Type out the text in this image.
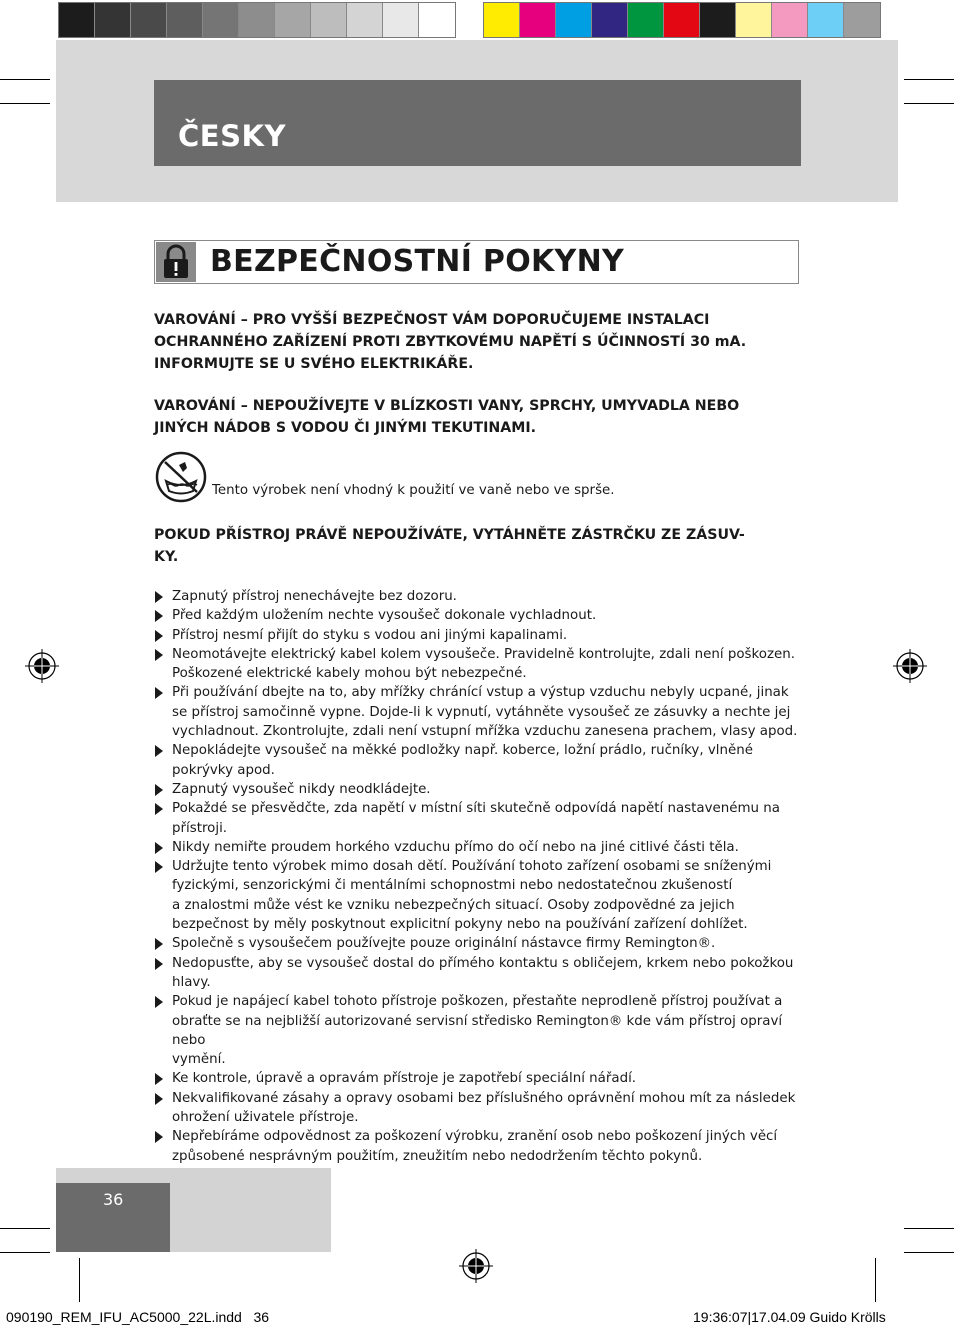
ČESKY
BEZPEČNOSTNÍ POKYNY
VAROVÁNÍ – PRO VYŠŠÍ BEZPEČNOST VÁM DOPORUČUJEME INSTALACI
OCHRANNÉHO ZAŘÍZENÍ PROTI ZBYTKOVÉMU NAPĚTÍ S ÚČINNOSTÍ 30 mA.
INFORMUJTE SE U SVÉHO ELEKTRIKÁŘE.
VAROVÁNÍ – NEPOUŽÍVEJTE V BLÍZKOSTI VANY, SPRCHY, UMYVADLA NEBO
JINÝCH NÁDOB S VODOU ČI JINÝMI TEKUTINAMI.
Tento výrobek není vhodný k použití ve vaně nebo ve sprše.
POKUD PŘÍSTROJ PRÁVĚ NEPOUŽÍVÁTE, VYTÁHNĚTE ZÁSTRČKU ZE ZÁSUV-
KY.
Zapnutý přístroj nenechávejte bez dozoru.
Před každým uložením nechte vysoušeč dokonale vychladnout.
Přístroj nesmí přijít do styku s vodou ani jinými kapalinami.
Neomotávejte elektrický kabel kolem vysoušeče. Pravidelně kontrolujte, zdali není poškozen.
Poškozené elektrické kabely mohou být nebezpečné.
Při používání dbejte na to, aby mřížky chránící vstup a výstup vzduchu nebyly ucpané, jinak
se přístroj samočinně vypne. Dojde-li k vypnutí, vytáhněte vysoušeč ze zásuvky a nechte jej
vychladnout. Zkontrolujte, zdali není vstupní mřížka vzduchu zanesena prachem, vlasy apod.
Nepokládejte vysoušeč na měkké podložky např. koberce, ložní prádlo, ručníky, vlněné
pokrývky apod.
Zapnutý vysoušeč nikdy neodkládejte.
Pokaždé se přesvědčte, zda napětí v místní síti skutečně odpovídá napětí nastavenému na
přístroji.
Nikdy nemiřte proudem horkého vzduchu přímo do očí nebo na jiné citlivé části těla.
Udržujte tento výrobek mimo dosah dětí. Používání tohoto zařízení osobami se sníženými
fyzickými, senzorickými či mentálními schopnostmi nebo nedostatečnou zkušeností
a znalostmi může vést ke vzniku nebezpečných situací. Osoby zodpovědné za jejich
bezpečnost by měly poskytnout explicitní pokyny nebo na používání zařízení dohlížet.
Společně s vysoušečem používejte pouze originální nástavce firmy Remington®.
Nedopusťte, aby se vysoušeč dostal do přímého kontaktu s obličejem, krkem nebo pokožkou
hlavy.
Pokud je napájecí kabel tohoto přístroje poškozen, přestaňte neprodleně přístroj používat a
obraťte se na nejbližší autorizované servisní středisko Remington® kde vám přístroj opraví nebo
vymění.
Ke kontrole, úpravě a opravám přístroje je zapotřebí speciální nářadí.
Nekvalifikované zásahy a opravy osobami bez příslušného oprávnění mohou mít za následek
ohrožení uživatele přístroje.
Nepřebíráme odpovědnost za poškození výrobku, zranění osob nebo poškození jiných věcí
způsobené nesprávným použitím, zneužitím nebo nedodržením těchto pokynů.
36
090190_REM_IFU_AC5000_22L.indd   36	19:36:07|17.04.09 Guido Krölls
